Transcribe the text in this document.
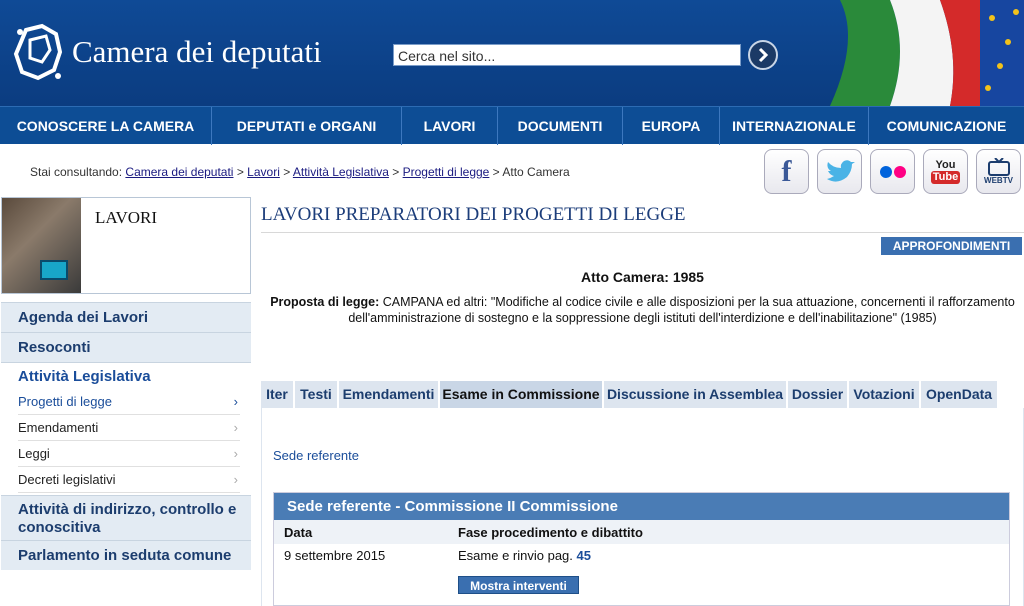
Camera dei deputati	Cerca nel sito...
CONOSCERE LA CAMERA	DEPUTATI e ORGANI	LAVORI	DOCUMENTI	EUROPA	INTERNAZIONALE	COMUNICAZIONE
Stai consultando: Camera dei deputati > Lavori > Attività Legislativa > Progetti di legge > Atto Camera	f	You
Tube	WEBTV
LAVORI
Agenda dei Lavori
Resoconti
Attività Legislativa
Progetti di legge	›
Emendamenti	›
Leggi	›
Decreti legislativi	›
Attività di indirizzo, controllo e conoscitiva
Parlamento in seduta comune
LAVORI PREPARATORI DEI PROGETTI DI LEGGE
APPROFONDIMENTI
Atto Camera: 1985
Proposta di legge: CAMPANA ed altri: "Modifiche al codice civile e alle disposizioni per la sua attuazione, concernenti il rafforzamento dell'amministrazione di sostegno e la soppressione degli istituti dell'interdizione e dell'inabilitazione" (1985)
Iter Testi Emendamenti Esame in Commissione Discussione in Assemblea Dossier Votazioni OpenData
Sede referente
Sede referente - Commissione II Commissione
Data	Fase procedimento e dibattito
9 settembre 2015	Esame e rinvio pag. 45
Mostra interventi
